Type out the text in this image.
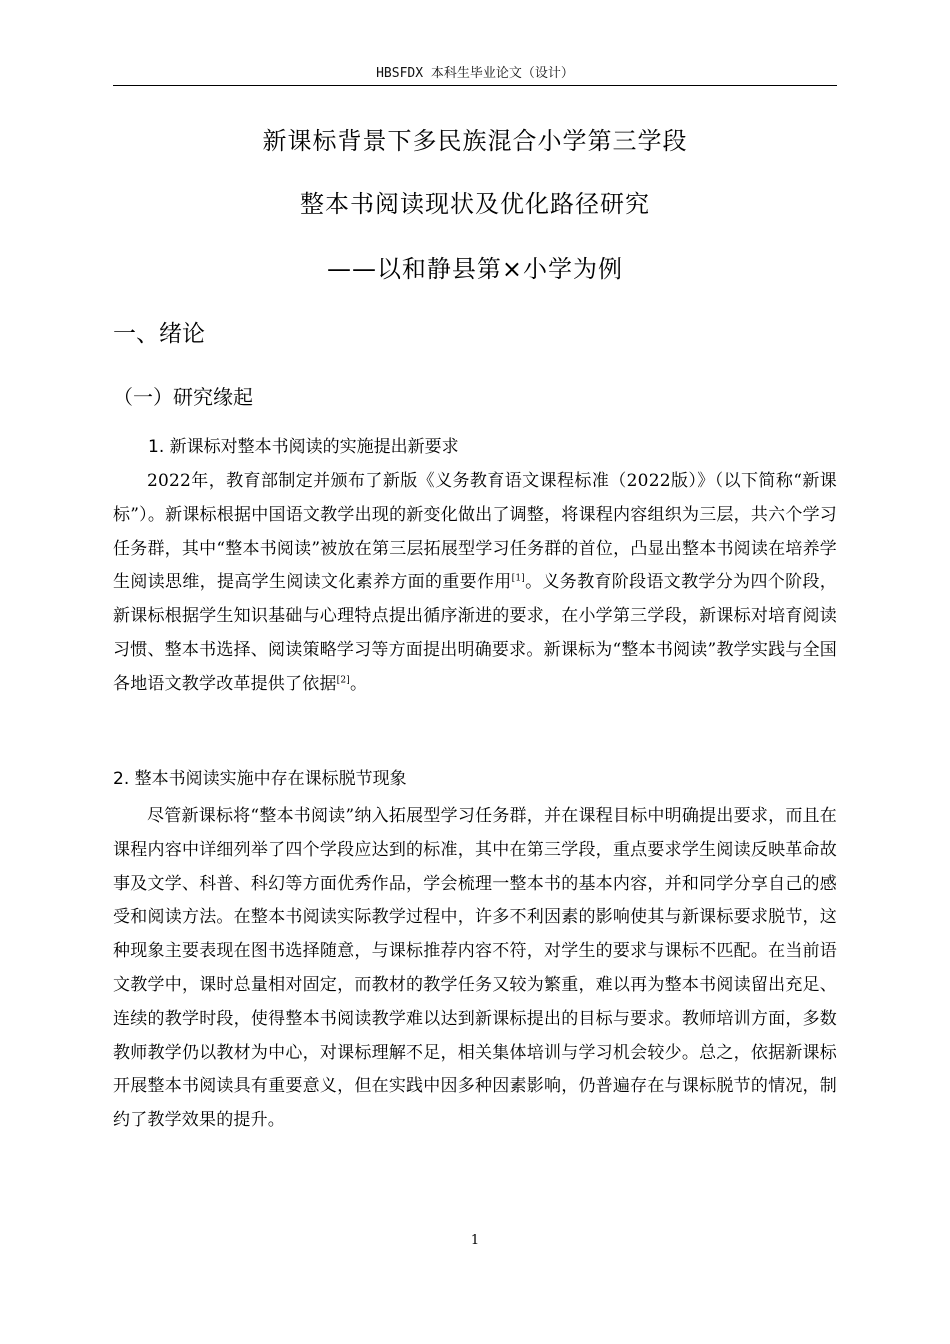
HBSFDX 本科生毕业论文（设计）
新课标背景下多民族混合小学第三学段
整本书阅读现状及优化路径研究
——以和静县第×小学为例
一、绪论
（一）研究缘起
1. 新课标对整本书阅读的实施提出新要求
2022年，教育部制定并颁布了新版《义务教育语文课程标准（2022版）》（以下简称“新课标”）。新课标根据中国语文教学出现的新变化做出了调整，将课程内容组织为三层，共六个学习任务群，其中“整本书阅读”被放在第三层拓展型学习任务群的首位，凸显出整本书阅读在培养学生阅读思维，提高学生阅读文化素养方面的重要作用[1]。义务教育阶段语文教学分为四个阶段，新课标根据学生知识基础与心理特点提出循序渐进的要求，在小学第三学段，新课标对培育阅读习惯、整本书选择、阅读策略学习等方面提出明确要求。新课标为“整本书阅读”教学实践与全国各地语文教学改革提供了依据[2]。
2. 整本书阅读实施中存在课标脱节现象
尽管新课标将“整本书阅读”纳入拓展型学习任务群，并在课程目标中明确提出要求，而且在课程内容中详细列举了四个学段应达到的标准，其中在第三学段，重点要求学生阅读反映革命故事及文学、科普、科幻等方面优秀作品，学会梳理一整本书的基本内容，并和同学分享自己的感受和阅读方法。在整本书阅读实际教学过程中，许多不利因素的影响使其与新课标要求脱节，这种现象主要表现在图书选择随意，与课标推荐内容不符，对学生的要求与课标不匹配。在当前语文教学中，课时总量相对固定，而教材的教学任务又较为繁重，难以再为整本书阅读留出充足、连续的教学时段，使得整本书阅读教学难以达到新课标提出的目标与要求。教师培训方面，多数教师教学仍以教材为中心，对课标理解不足，相关集体培训与学习机会较少。总之，依据新课标开展整本书阅读具有重要意义，但在实践中因多种因素影响，仍普遍存在与课标脱节的情况，制约了教学效果的提升。
1
